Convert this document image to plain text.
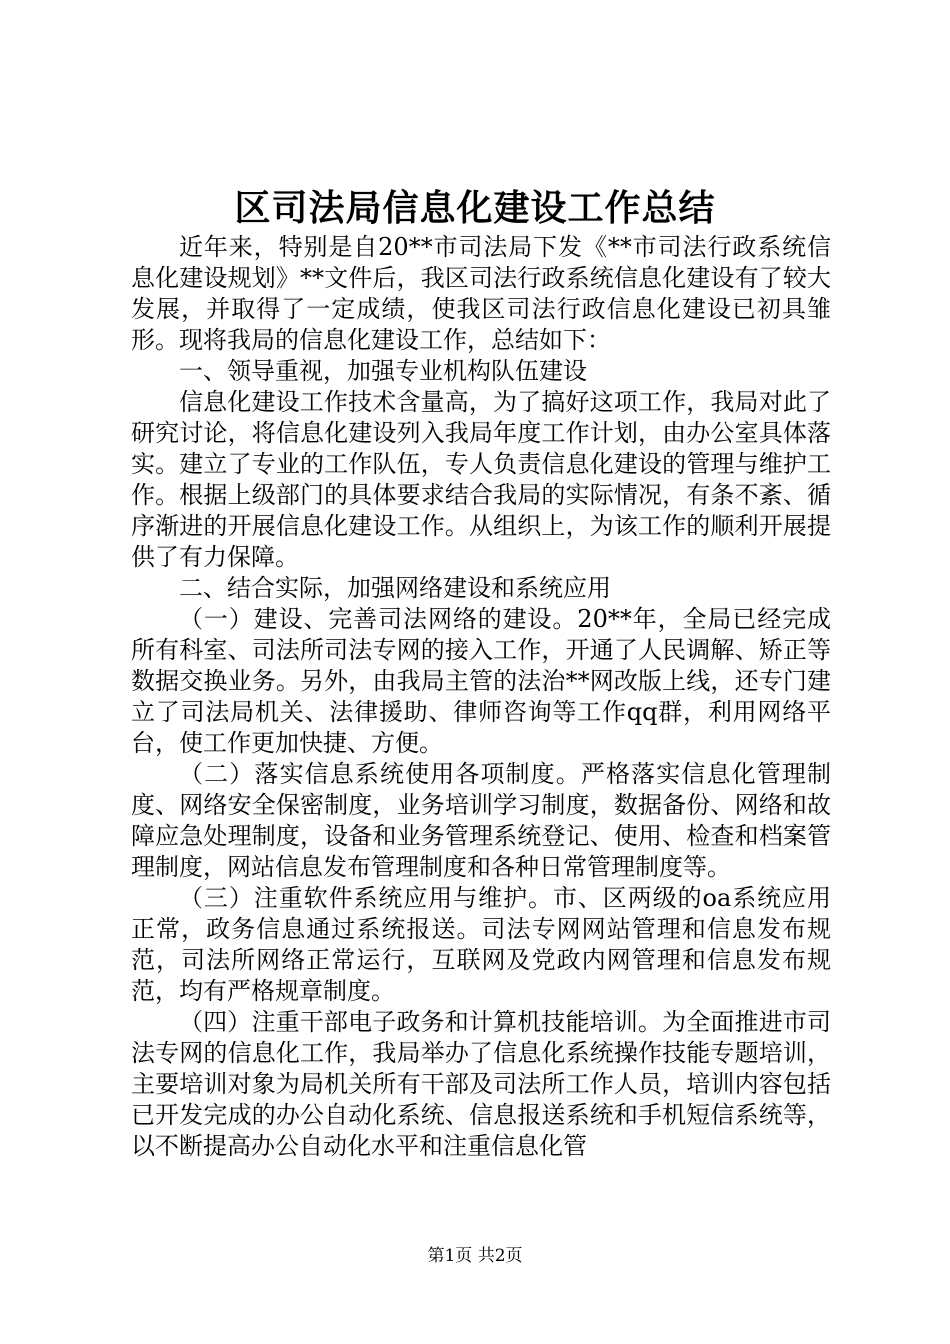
区司法局信息化建设工作总结

近年来，特别是自20**市司法局下发《**市司法行政系统信息化建设规划》**文件后，我区司法行政系统信息化建设有了较大发展，并取得了一定成绩，使我区司法行政信息化建设已初具雏形。现将我局的信息化建设工作，总结如下：

一、领导重视，加强专业机构队伍建设

信息化建设工作技术含量高，为了搞好这项工作，我局对此了研究讨论，将信息化建设列入我局年度工作计划，由办公室具体落实。建立了专业的工作队伍，专人负责信息化建设的管理与维护工作。根据上级部门的具体要求结合我局的实际情况，有条不紊、循序渐进的开展信息化建设工作。从组织上，为该工作的顺利开展提供了有力保障。

二、结合实际，加强网络建设和系统应用

（一）建设、完善司法网络的建设。20**年，全局已经完成所有科室、司法所司法专网的接入工作，开通了人民调解、矫正等数据交换业务。另外，由我局主管的法治**网改版上线，还专门建立了司法局机关、法律援助、律师咨询等工作qq群，利用网络平台，使工作更加快捷、方便。

（二）落实信息系统使用各项制度。严格落实信息化管理制度、网络安全保密制度，业务培训学习制度，数据备份、网络和故障应急处理制度，设备和业务管理系统登记、使用、检查和档案管理制度，网站信息发布管理制度和各种日常管理制度等。

（三）注重软件系统应用与维护。市、区两级的oa系统应用正常，政务信息通过系统报送。司法专网网站管理和信息发布规范，司法所网络正常运行，互联网及党政内网管理和信息发布规范，均有严格规章制度。

（四）注重干部电子政务和计算机技能培训。为全面推进市司法专网的信息化工作，我局举办了信息化系统操作技能专题培训，主要培训对象为局机关所有干部及司法所工作人员，培训内容包括已开发完成的办公自动化系统、信息报送系统和手机短信系统等，以不断提高办公自动化水平和注重信息化管

第1页 共2页
